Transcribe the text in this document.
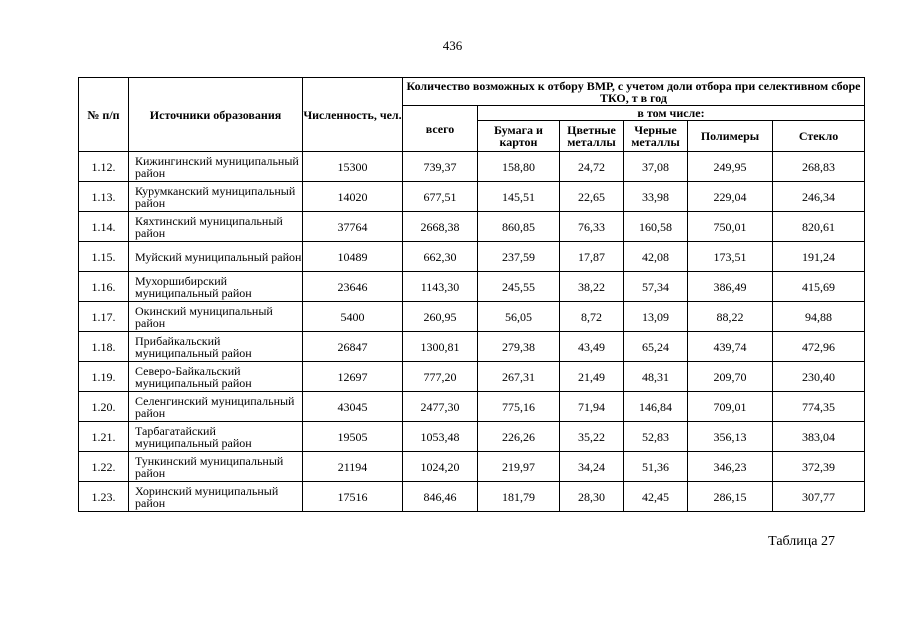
436
№ п/п	Источники образования	Численность, чел.	Количество возможных к отбору ВМР, с учетом доли отбора при селективном сборе ТКО, т в год					
			всего	в том числе:				
				Бумага и картон	Цветные металлы	Черные металлы	Полимеры	Стекло
1.12.	Кижингинский муниципальный район	15300	739,37	158,80	24,72	37,08	249,95	268,83
1.13.	Курумканский муниципальный район	14020	677,51	145,51	22,65	33,98	229,04	246,34
1.14.	Кяхтинский муниципальный район	37764	2668,38	860,85	76,33	160,58	750,01	820,61
1.15.	Муйский муниципальный район	10489	662,30	237,59	17,87	42,08	173,51	191,24
1.16.	Мухоршибирский муниципальный район	23646	1143,30	245,55	38,22	57,34	386,49	415,69
1.17.	Окинский муниципальный район	5400	260,95	56,05	8,72	13,09	88,22	94,88
1.18.	Прибайкальский муниципальный район	26847	1300,81	279,38	43,49	65,24	439,74	472,96
1.19.	Северо-Байкальский муниципальный район	12697	777,20	267,31	21,49	48,31	209,70	230,40
1.20.	Селенгинский муниципальный район	43045	2477,30	775,16	71,94	146,84	709,01	774,35
1.21.	Тарбагатайский муниципальный район	19505	1053,48	226,26	35,22	52,83	356,13	383,04
1.22.	Тункинский муниципальный район	21194	1024,20	219,97	34,24	51,36	346,23	372,39
1.23.	Хоринский муниципальный район	17516	846,46	181,79	28,30	42,45	286,15	307,77
Таблица 27
